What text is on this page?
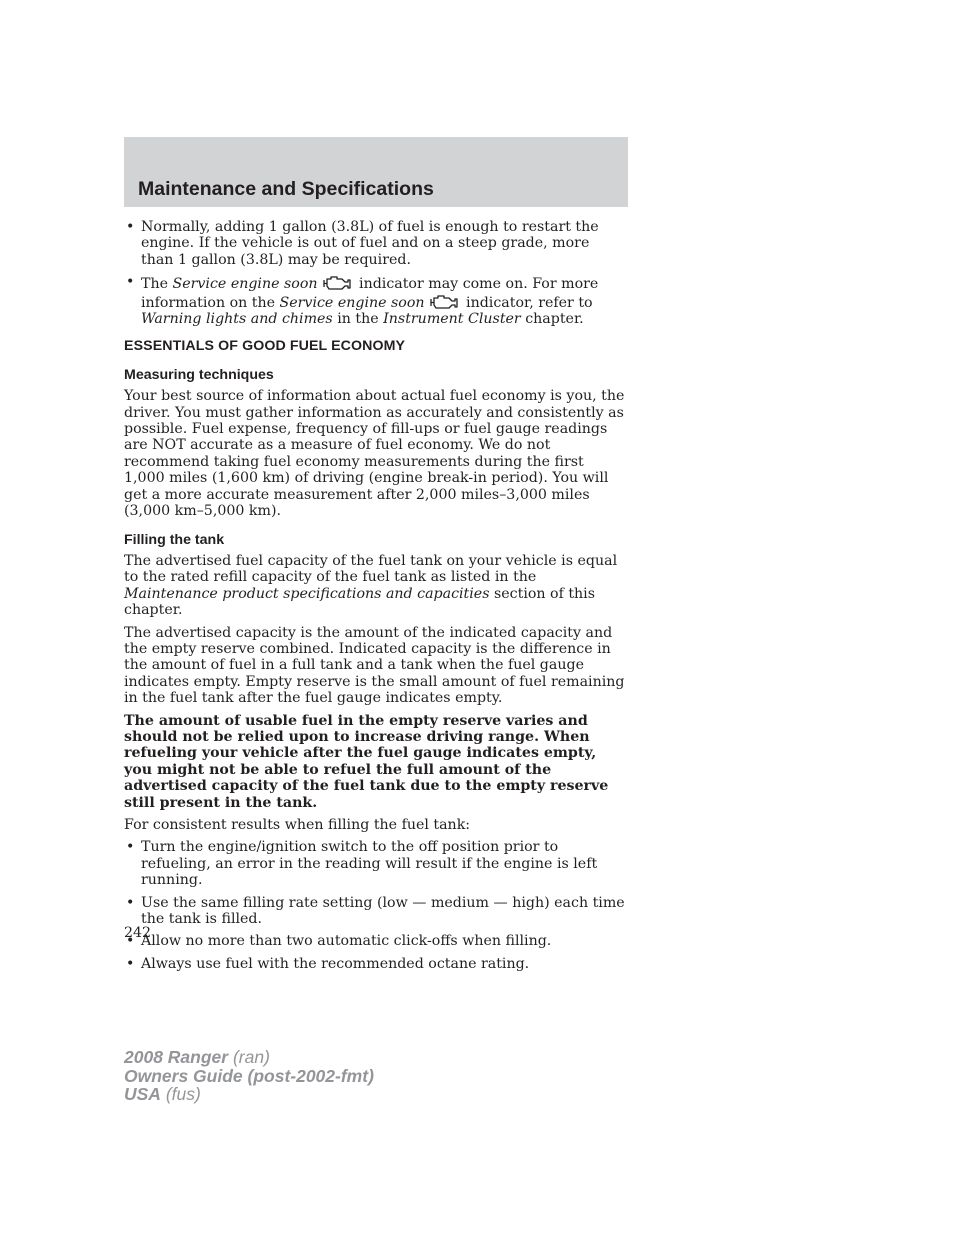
Maintenance and Specifications
• Normally, adding 1 gallon (3.8L) of fuel is enough to restart the engine. If the vehicle is out of fuel and on a steep grade, more than 1 gallon (3.8L) may be required.
• The Service engine soon	indicator may come on. For more information on the Service engine soon	indicator, refer to Warning lights and chimes in the Instrument Cluster chapter.
ESSENTIALS OF GOOD FUEL ECONOMY
Measuring techniques

Your best source of information about actual fuel economy is you, the driver. You must gather information as accurately and consistently as possible. Fuel expense, frequency of fill-ups or fuel gauge readings are NOT accurate as a measure of fuel economy. We do not recommend taking fuel economy measurements during the first 1,000 miles (1,600 km) of driving (engine break-in period). You will get a more accurate measurement after 2,000 miles–3,000 miles (3,000 km–5,000 km).

Filling the tank

The advertised fuel capacity of the fuel tank on your vehicle is equal to the rated refill capacity of the fuel tank as listed in the Maintenance product specifications and capacities section of this chapter.

The advertised capacity is the amount of the indicated capacity and the empty reserve combined. Indicated capacity is the difference in the amount of fuel in a full tank and a tank when the fuel gauge indicates empty. Empty reserve is the small amount of fuel remaining in the fuel tank after the fuel gauge indicates empty.

The amount of usable fuel in the empty reserve varies and should not be relied upon to increase driving range. When refueling your vehicle after the fuel gauge indicates empty, you might not be able to refuel the full amount of the advertised capacity of the fuel tank due to the empty reserve still present in the tank.

For consistent results when filling the fuel tank:

• Turn the engine/ignition switch to the off position prior to refueling, an error in the reading will result if the engine is left running.
• Use the same filling rate setting (low — medium — high) each time the tank is filled.
• Allow no more than two automatic click-offs when filling.
• Always use fuel with the recommended octane rating.
242
2008 Ranger (ran)
Owners Guide (post-2002-fmt)
USA (fus)
